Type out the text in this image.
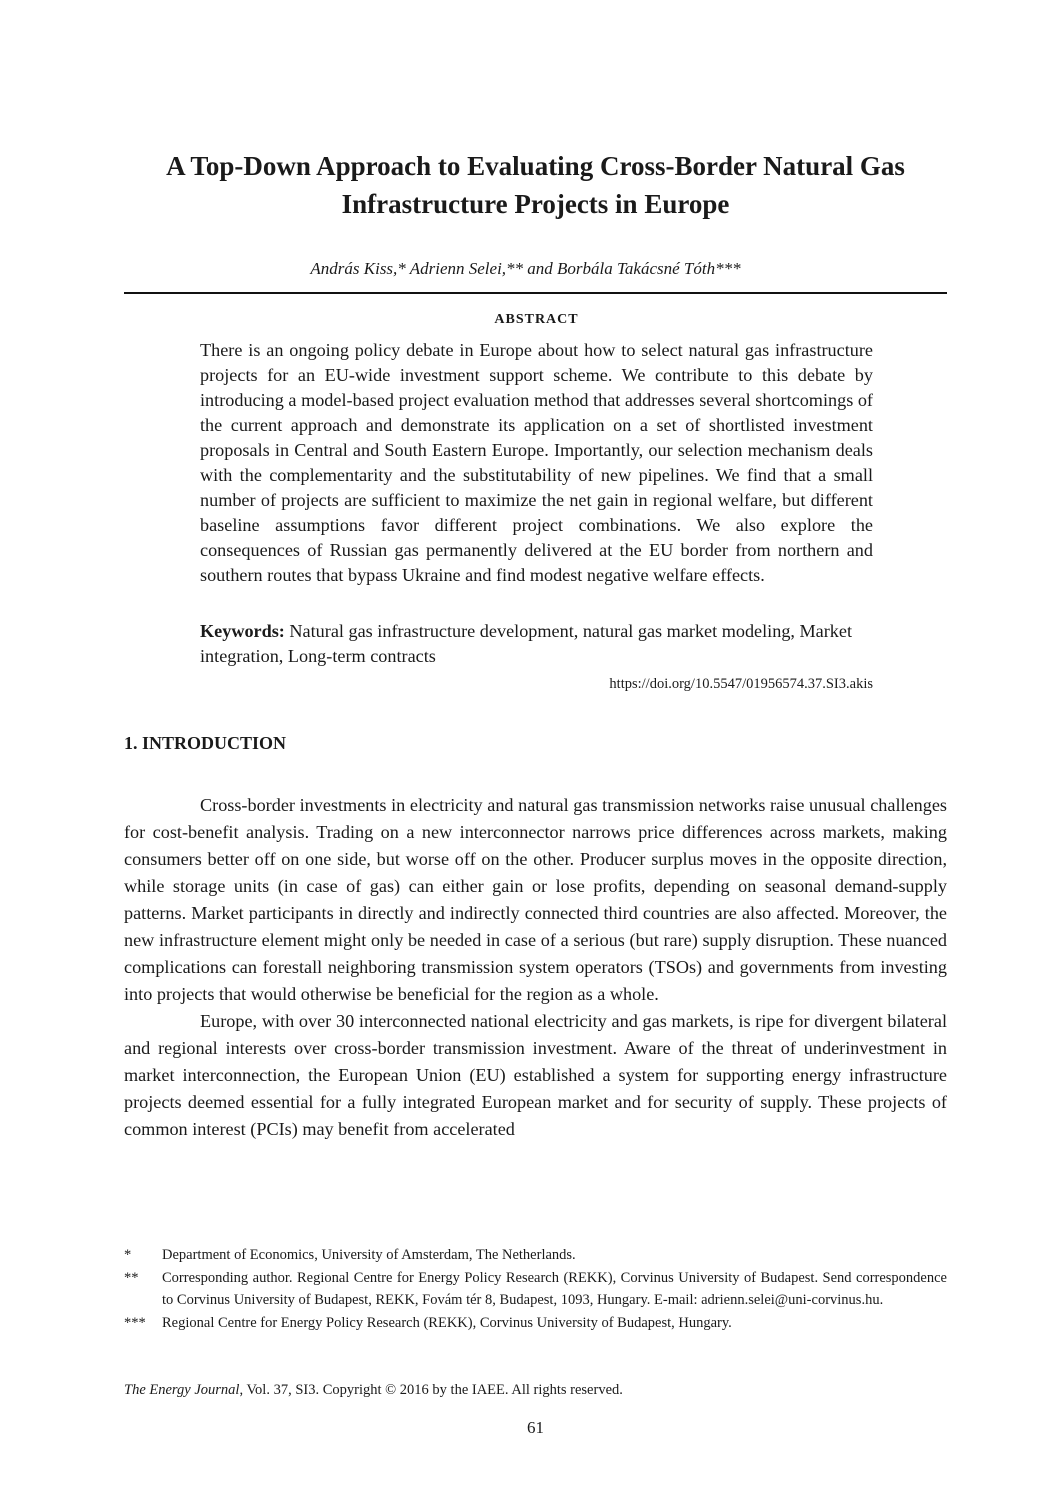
A Top-Down Approach to Evaluating Cross-Border Natural Gas
Infrastructure Projects in Europe

András Kiss,* Adrienn Selei,** and Borbála Takácsné Tóth***

ABSTRACT

There is an ongoing policy debate in Europe about how to select natural gas infrastructure projects for an EU-wide investment support scheme. We contribute to this debate by introducing a model-based project evaluation method that addresses several shortcomings of the current approach and demonstrate its application on a set of shortlisted investment proposals in Central and South Eastern Europe. Importantly, our selection mechanism deals with the complementarity and the substitutability of new pipelines. We find that a small number of projects are sufficient to maximize the net gain in regional welfare, but different baseline assumptions favor different project combinations. We also explore the consequences of Russian gas permanently delivered at the EU border from northern and southern routes that bypass Ukraine and find modest negative welfare effects.

Keywords: Natural gas infrastructure development, natural gas market modeling, Market integration, Long-term contracts

https://doi.org/10.5547/01956574.37.SI3.akis

1. INTRODUCTION

Cross-border investments in electricity and natural gas transmission networks raise unusual challenges for cost-benefit analysis. Trading on a new interconnector narrows price differences across markets, making consumers better off on one side, but worse off on the other. Producer surplus moves in the opposite direction, while storage units (in case of gas) can either gain or lose profits, depending on seasonal demand-supply patterns. Market participants in directly and indirectly connected third countries are also affected. Moreover, the new infrastructure element might only be needed in case of a serious (but rare) supply disruption. These nuanced complications can forestall neighboring transmission system operators (TSOs) and governments from investing into projects that would otherwise be beneficial for the region as a whole.

Europe, with over 30 interconnected national electricity and gas markets, is ripe for divergent bilateral and regional interests over cross-border transmission investment. Aware of the threat of underinvestment in market interconnection, the European Union (EU) established a system for supporting energy infrastructure projects deemed essential for a fully integrated European market and for security of supply. These projects of common interest (PCIs) may benefit from accelerated

*	Department of Economics, University of Amsterdam, The Netherlands.
**	Corresponding author. Regional Centre for Energy Policy Research (REKK), Corvinus University of Budapest. Send correspondence to Corvinus University of Budapest, REKK, Fovám tér 8, Budapest, 1093, Hungary. E-mail: adrienn.selei@uni-corvinus.hu.
***	Regional Centre for Energy Policy Research (REKK), Corvinus University of Budapest, Hungary.

The Energy Journal, Vol. 37, SI3. Copyright © 2016 by the IAEE. All rights reserved.

61
